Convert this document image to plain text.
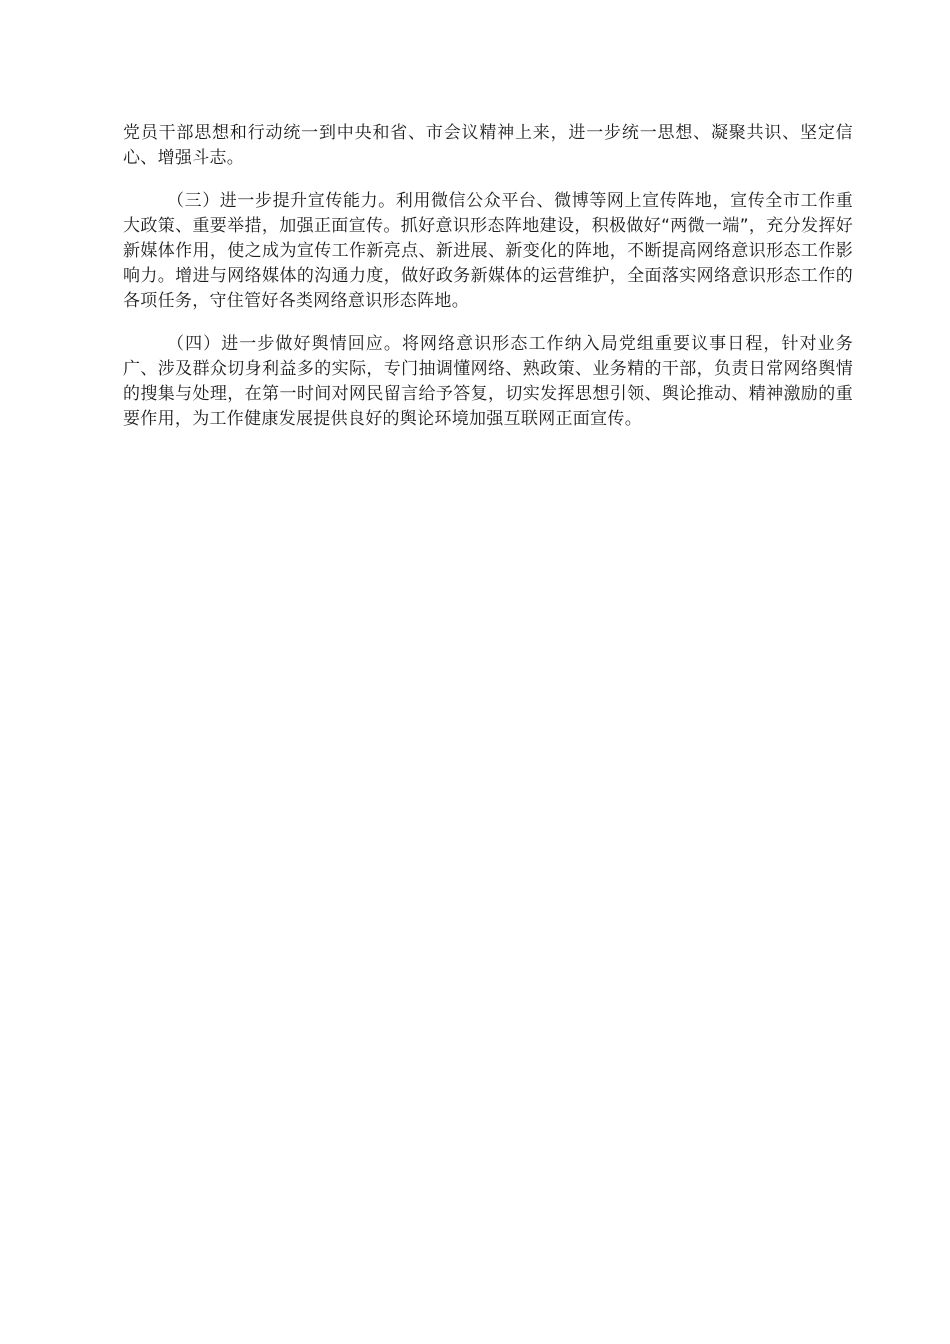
党员干部思想和行动统一到中央和省、市会议精神上来，进一步统一思想、凝聚共识、坚定信心、增强斗志。

（三）进一步提升宣传能力。利用微信公众平台、微博等网上宣传阵地，宣传全市工作重大政策、重要举措，加强正面宣传。抓好意识形态阵地建设，积极做好“两微一端”，充分发挥好新媒体作用，使之成为宣传工作新亮点、新进展、新变化的阵地，不断提高网络意识形态工作影响力。增进与网络媒体的沟通力度，做好政务新媒体的运营维护，全面落实网络意识形态工作的各项任务，守住管好各类网络意识形态阵地。

（四）进一步做好舆情回应。将网络意识形态工作纳入局党组重要议事日程，针对业务广、涉及群众切身利益多的实际，专门抽调懂网络、熟政策、业务精的干部，负责日常网络舆情的搜集与处理，在第一时间对网民留言给予答复，切实发挥思想引领、舆论推动、精神激励的重要作用，为工作健康发展提供良好的舆论环境加强互联网正面宣传。
